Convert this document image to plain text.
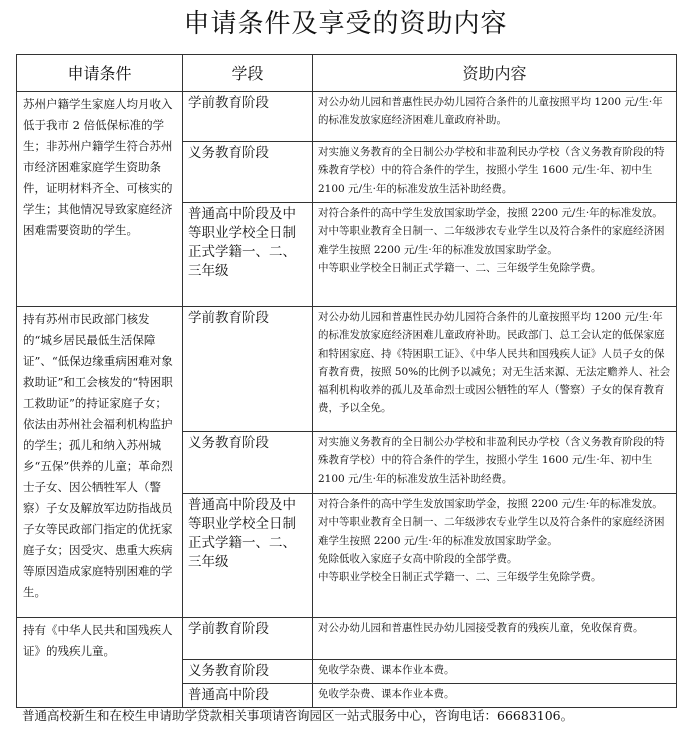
申请条件及享受的资助内容
申请条件	学段	资助内容
苏州户籍学生家庭人均月收入低于我市 2 倍低保标准的学生；非苏州户籍学生符合苏州市经济困难家庭学生资助条件，证明材料齐全、可核实的学生；其他情况导致家庭经济困难需要资助的学生。	学前教育阶段	对公办幼儿园和普惠性民办幼儿园符合条件的儿童按照平均 1200 元/生·年的标准发放家庭经济困难儿童政府补助。

	义务教育阶段	对实施义务教育的全日制公办学校和非盈利民办学校（含义务教育阶段的特殊教育学校）中的符合条件的学生，按照小学生 1600 元/生·年、初中生 2100 元/生·年的标准发放生活补助经费。

	普通高中阶段及中等职业学校全日制正式学籍一、二、三年级	对符合条件的高中学生发放国家助学金，按照 2200 元/生·年的标准发放。
对中等职业教育全日制一、二年级涉农专业学生以及符合条件的家庭经济困难学生按照 2200 元/生·年的标准发放国家助学金。
中等职业学校全日制正式学籍一、二、三年级学生免除学费。

持有苏州市民政部门核发的“城乡居民最低生活保障证”、“低保边缘重病困难对象救助证”和工会核发的“特困职工救助证”的持证家庭子女；依法由苏州社会福利机构监护的学生；孤儿和纳入苏州城乡“五保”供养的儿童；革命烈士子女、因公牺牲军人（警察）子女及解放军边防指战员子女等民政部门指定的优抚家庭子女；因受灾、患重大疾病等原因造成家庭特别困难的学生。	学前教育阶段	对公办幼儿园和普惠性民办幼儿园符合条件的儿童按照平均 1200 元/生·年的标准发放家庭经济困难儿童政府补助。民政部门、总工会认定的低保家庭和特困家庭、持《特困职工证》、《中华人民共和国残疾人证》人员子女的保育教育费，按照 50%的比例予以减免；对无生活来源、无法定赡养人、社会福利机构收养的孤儿及革命烈士或因公牺牲的军人（警察）子女的保育教育费，予以全免。

	义务教育阶段	对实施义务教育的全日制公办学校和非盈利民办学校（含义务教育阶段的特殊教育学校）中的符合条件的学生，按照小学生 1600 元/生·年、初中生 2100 元/生·年的标准发放生活补助经费。

	普通高中阶段及中等职业学校全日制正式学籍一、二、三年级	对符合条件的高中学生发放国家助学金，按照 2200 元/生·年的标准发放。
对中等职业教育全日制一、二年级涉农专业学生以及符合条件的家庭经济困难学生按照 2200 元/生·年的标准发放国家助学金。
免除低收入家庭子女高中阶段的全部学费。
中等职业学校全日制正式学籍一、二、三年级学生免除学费。

持有《中华人民共和国残疾人证》的残疾儿童。	学前教育阶段	对公办幼儿园和普惠性民办幼儿园接受教育的残疾儿童，免收保育费。

	义务教育阶段	免收学杂费、课本作业本费。

	普通高中阶段	免收学杂费、课本作业本费。
普通高校新生和在校生申请助学贷款相关事项请咨询园区一站式服务中心，咨询电话：66683106。
